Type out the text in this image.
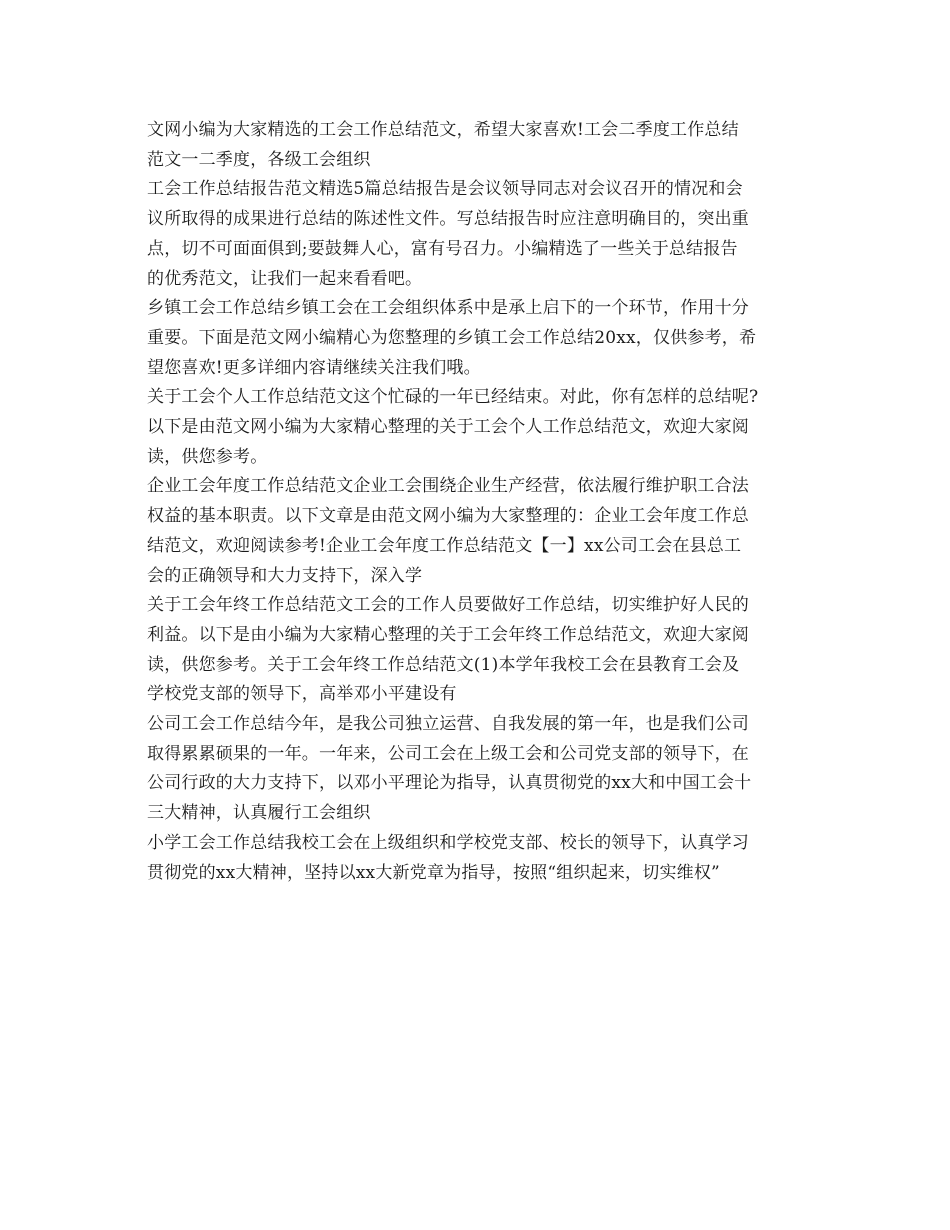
文网小编为大家精选的工会工作总结范文，希望大家喜欢!工会二季度工作总结
范文一二季度，各级工会组织
工会工作总结报告范文精选5篇总结报告是会议领导同志对会议召开的情况和会
议所取得的成果进行总结的陈述性文件。写总结报告时应注意明确目的，突出重
点，切不可面面俱到;要鼓舞人心，富有号召力。小编精选了一些关于总结报告
的优秀范文，让我们一起来看看吧。
乡镇工会工作总结乡镇工会在工会组织体系中是承上启下的一个环节，作用十分
重要。下面是范文网小编精心为您整理的乡镇工会工作总结20xx，仅供参考，希
望您喜欢!更多详细内容请继续关注我们哦。
关于工会个人工作总结范文这个忙碌的一年已经结束。对此，你有怎样的总结呢?
以下是由范文网小编为大家精心整理的关于工会个人工作总结范文，欢迎大家阅
读，供您参考。
企业工会年度工作总结范文企业工会围绕企业生产经营，依法履行维护职工合法
权益的基本职责。以下文章是由范文网小编为大家整理的：企业工会年度工作总
结范文，欢迎阅读参考!企业工会年度工作总结范文【一】xx公司工会在县总工
会的正确领导和大力支持下，深入学
关于工会年终工作总结范文工会的工作人员要做好工作总结，切实维护好人民的
利益。以下是由小编为大家精心整理的关于工会年终工作总结范文，欢迎大家阅
读，供您参考。关于工会年终工作总结范文(1)本学年我校工会在县教育工会及
学校党支部的领导下，高举邓小平建设有
公司工会工作总结今年，是我公司独立运营、自我发展的第一年，也是我们公司
取得累累硕果的一年。一年来，公司工会在上级工会和公司党支部的领导下，在
公司行政的大力支持下，以邓小平理论为指导，认真贯彻党的xx大和中国工会十
三大精神，认真履行工会组织
小学工会工作总结我校工会在上级组织和学校党支部、校长的领导下，认真学习
贯彻党的xx大精神，坚持以xx大新党章为指导，按照“组织起来，切实维权”
